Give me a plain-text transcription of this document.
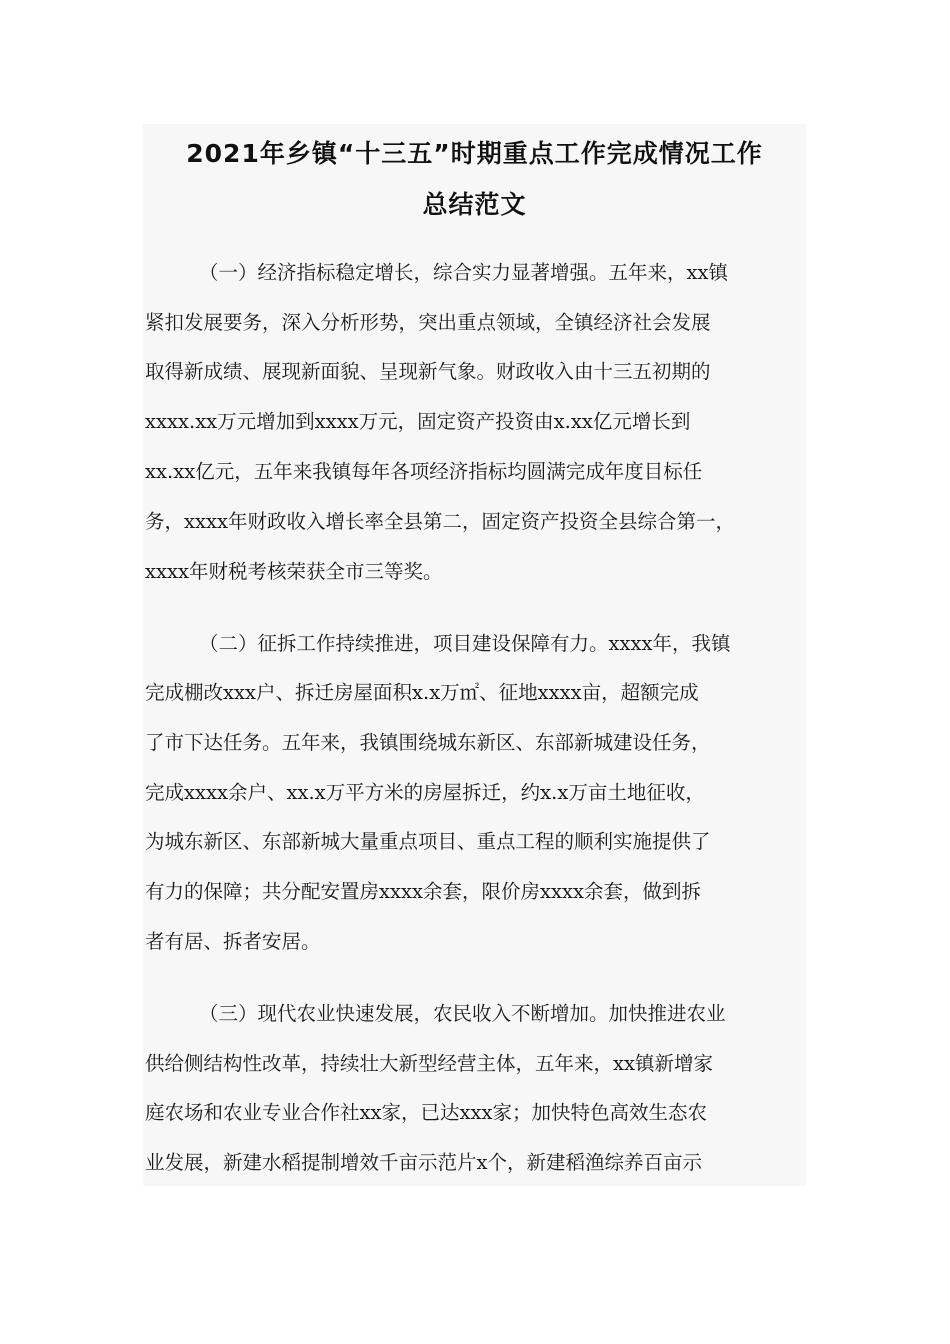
2021年乡镇“十三五”时期重点工作完成情况工作
总结范文
（一）经济指标稳定增长，综合实力显著增强。五年来，xx镇
紧扣发展要务，深入分析形势，突出重点领域，全镇经济社会发展
取得新成绩、展现新面貌、呈现新气象。财政收入由十三五初期的
xxxx.xx万元增加到xxxx万元，固定资产投资由x.xx亿元增长到
xx.xx亿元，五年来我镇每年各项经济指标均圆满完成年度目标任
务，xxxx年财政收入增长率全县第二，固定资产投资全县综合第一，
xxxx年财税考核荣获全市三等奖。
（二）征拆工作持续推进，项目建设保障有力。xxxx年，我镇
完成棚改xxx户、拆迁房屋面积x.x万㎡、征地xxxx亩，超额完成
了市下达任务。五年来，我镇围绕城东新区、东部新城建设任务，
完成xxxx余户、xx.x万平方米的房屋拆迁，约x.x万亩土地征收，
为城东新区、东部新城大量重点项目、重点工程的顺利实施提供了
有力的保障；共分配安置房xxxx余套，限价房xxxx余套，做到拆
者有居、拆者安居。
（三）现代农业快速发展，农民收入不断增加。加快推进农业
供给侧结构性改革，持续壮大新型经营主体，五年来，xx镇新增家
庭农场和农业专业合作社xx家，已达xxx家；加快特色高效生态农
业发展，新建水稻提制增效千亩示范片x个，新建稻渔综养百亩示
